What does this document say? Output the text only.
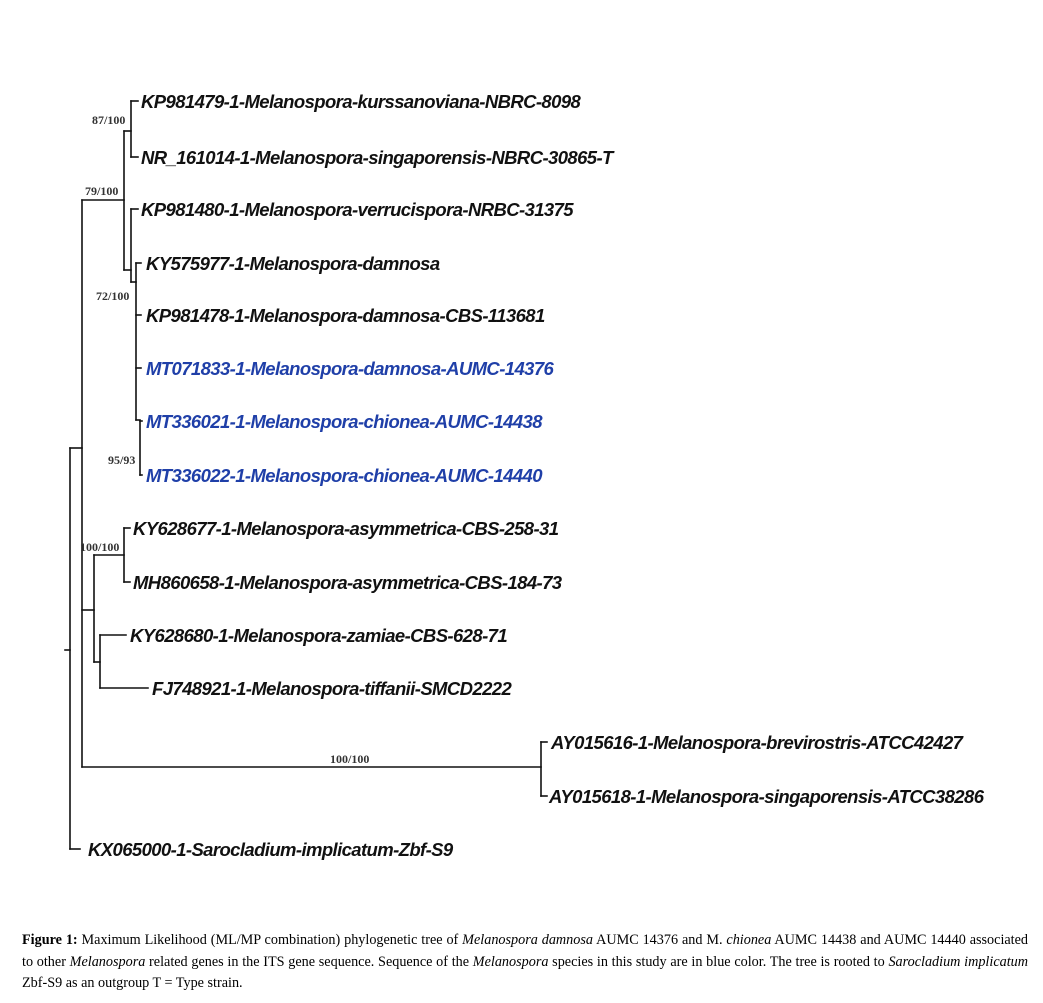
KP981479-1-Melanospora-kurssanoviana-NBRC-8098
NR_161014-1-Melanospora-singaporensis-NBRC-30865-T
KP981480-1-Melanospora-verrucispora-NRBC-31375
KY575977-1-Melanospora-damnosa
KP981478-1-Melanospora-damnosa-CBS-113681
MT071833-1-Melanospora-damnosa-AUMC-14376
MT336021-1-Melanospora-chionea-AUMC-14438
MT336022-1-Melanospora-chionea-AUMC-14440
KY628677-1-Melanospora-asymmetrica-CBS-258-31
MH860658-1-Melanospora-asymmetrica-CBS-184-73
KY628680-1-Melanospora-zamiae-CBS-628-71
FJ748921-1-Melanospora-tiffanii-SMCD2222
AY015616-1-Melanospora-brevirostris-ATCC42427
AY015618-1-Melanospora-singaporensis-ATCC38286
KX065000-1-Sarocladium-implicatum-Zbf-S9
87/100
79/100
72/100
95/93
100/100
100/100
Figure 1: Maximum Likelihood (ML/MP combination) phylogenetic tree of Melanospora damnosa AUMC 14376 and M. chionea AUMC 14438 and AUMC 14440 associated to other Melanospora related genes in the ITS gene sequence. Sequence of the Melanospora species in this study are in blue color. The tree is rooted to Sarocladium implicatum Zbf-S9 as an outgroup T = Type strain.
